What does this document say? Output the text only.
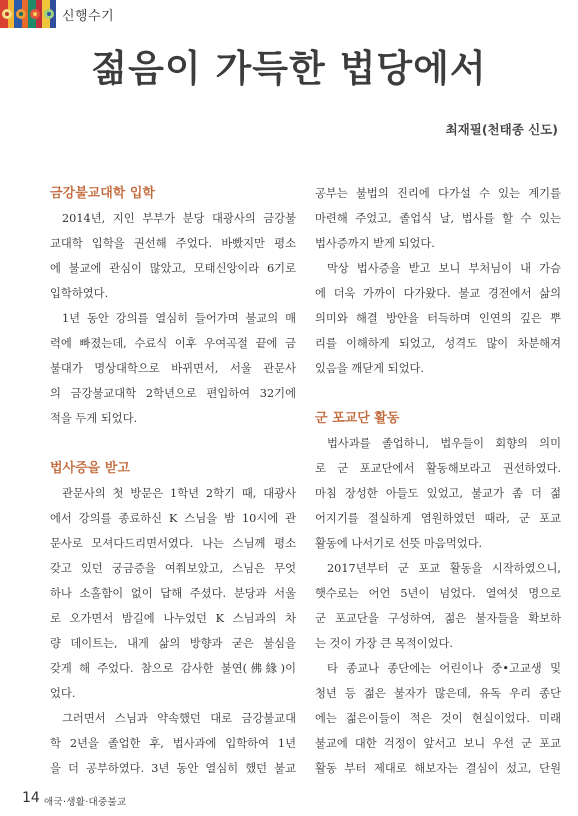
신행수기
젊음이 가득한 법당에서
최재필(천태종 신도)
금강불교대학 입학
2014년, 지인 부부가 분당 대광사의 금강불
교대학 입학을 권선해 주었다. 바빴지만 평소
에 불교에 관심이 많았고, 모태신앙이라 6기로
입학하였다.
1년 동안 강의를 열심히 들어가며 불교의 매
력에 빠졌는데, 수료식 이후 우여곡절 끝에 금
불대가 명상대학으로 바뀌면서, 서울 관문사
의 금강불교대학 2학년으로 편입하여 32기에
적을 두게 되었다.
법사증을 받고
관문사의 첫 방문은 1학년 2학기 때, 대광사
에서 강의를 종료하신 K 스님을 밤 10시에 관
문사로 모셔다드리면서였다. 나는 스님께 평소
갖고 있던 궁금증을 여쭤보았고, 스님은 무엇
하나 소홀함이 없이 답해 주셨다. 분당과 서울
로 오가면서 밤길에 나누었던 K 스님과의 차
량 데이트는, 내게 삶의 방향과 굳은 불심을
갖게 해 주었다. 참으로 감사한 불연(佛緣)이
었다.
그러면서 스님과 약속했던 대로 금강불교대
학 2년을 졸업한 후, 법사과에 입학하여 1년
을 더 공부하였다. 3년 동안 열심히 했던 불교
공부는 불법의 진리에 다가설 수 있는 계기를
마련해 주었고, 졸업식 날, 법사를 할 수 있는
법사증까지 받게 되었다.
막상 법사증을 받고 보니 부처님이 내 가슴
에 더욱 가까이 다가왔다. 불교 경전에서 삶의
의미와 해결 방안을 터득하며 인연의 깊은 뿌
리를 이해하게 되었고, 성격도 많이 차분해져
있음을 깨닫게 되었다.
군 포교단 활동
법사과를 졸업하니, 법우들이 회향의 의미
로 군 포교단에서 활동해보라고 권선하였다.
마침 장성한 아들도 있었고, 불교가 좀 더 젊
어지기를 절실하게 염원하였던 때라, 군 포교
활동에 나서기로 선뜻 마음먹었다.
2017년부터 군 포교 활동을 시작하였으니,
햇수로는 어언 5년이 넘었다. 열여섯 명으로
군 포교단을 구성하여, 젊은 불자들을 확보하
는 것이 가장 큰 목적이었다.
타 종교나 종단에는 어린이나 중•고교생 및
청년 등 젊은 불자가 많은데, 유독 우리 종단
에는 젊은이들이 적은 것이 현실이었다. 미래
불교에 대한 걱정이 앞서고 보니 우선 군 포교
활동 부터 제대로 해보자는 결심이 섰고, 단원
14 애국·생활·대중불교
